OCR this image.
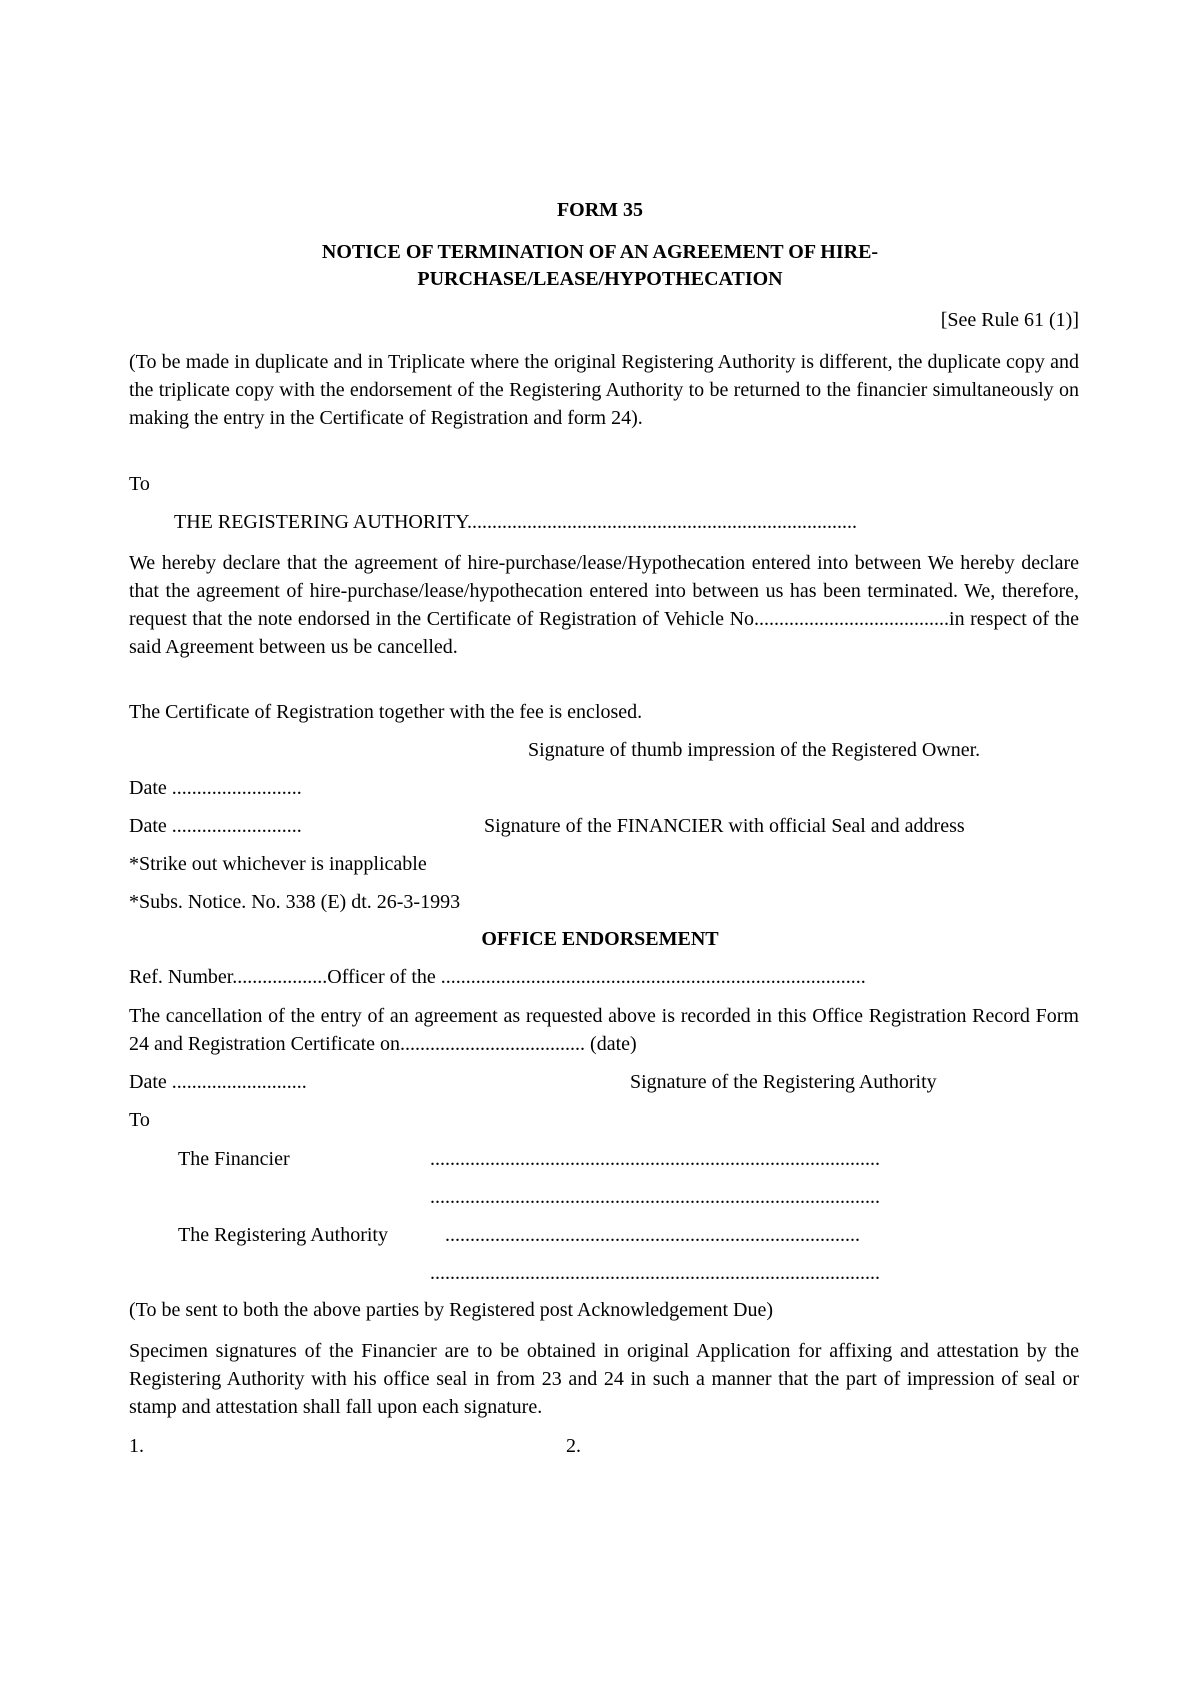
FORM 35

NOTICE OF TERMINATION OF AN AGREEMENT OF HIRE-

PURCHASE/LEASE/HYPOTHECATION

[See Rule 61 (1)]

(To be made in duplicate and in Triplicate where the original Registering Authority is different, the duplicate copy and the triplicate copy with the endorsement of the Registering Authority to be returned to the financier simultaneously on making the entry in the Certificate of Registration and form 24).

To

THE REGISTERING AUTHORITY..............................................................................

We hereby declare that the agreement of hire-purchase/lease/Hypothecation entered into between We hereby declare that the agreement of hire-purchase/lease/hypothecation entered into between us has been terminated. We, therefore, request that the note endorsed in the Certificate of Registration of Vehicle No.......................................in respect of the said Agreement between us be cancelled.

The Certificate of Registration together with the fee is enclosed.

Signature of thumb impression of the Registered Owner.

Date ..........................

Date ..........................	Signature of the FINANCIER with official Seal and address

*Strike out whichever is inapplicable

*Subs. Notice. No. 338 (E) dt. 26-3-1993

OFFICE ENDORSEMENT

Ref. Number...................Officer of the .....................................................................................

The cancellation of the entry of an agreement as requested above is recorded in this Office Registration Record Form 24 and Registration Certificate on..................................... (date)

Date ...........................	Signature of the Registering Authority

To

The Financier	..........................................................................................

..........................................................................................

The Registering Authority	...................................................................................

..........................................................................................

(To be sent to both the above parties by Registered post Acknowledgement Due)

Specimen signatures of the Financier are to be obtained in original Application for affixing and attestation by the Registering Authority with his office seal in from 23 and 24 in such a manner that the part of impression of seal or stamp and attestation shall fall upon each signature.

1.	2.
